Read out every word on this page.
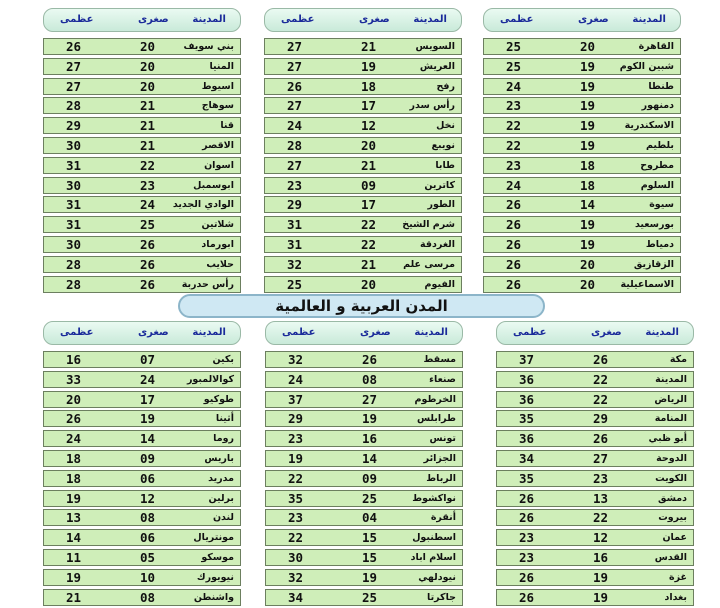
المدينة
صغرى
عظمى
القاهرة
20
25
شبين الكوم
19
25
طنطا
19
24
دمنهور
19
23
الاسكندرية
19
22
بلطيم
19
22
مطروح
18
23
السلوم
18
24
سيوة
14
26
بورسعيد
19
26
دمياط
19
26
الزقازيق
20
26
الاسماعيلية
20
26
المدينة
صغرى
عظمى
السويس
21
27
العريش
19
27
رفح
18
26
رأس سدر
17
27
نخل
12
24
نويبع
20
28
طابا
21
27
كاترين
09
23
الطور
17
29
شرم الشيخ
22
31
الغردقة
22
31
مرسى علم
21
32
الفيوم
20
25
المدينة
صغرى
عظمى
بني سويف
20
26
المنيا
20
27
اسيوط
20
27
سوهاج
21
28
قنا
21
29
الاقصر
21
30
اسوان
22
31
ابوسمبل
23
30
الوادي الجديد
24
31
شلاتين
25
31
ابورماد
26
30
حلايب
26
28
رأس حدربة
26
28
المدينة
صغرى
عظمى
مكة
26
37
المدينة
22
36
الرياض
22
36
المنامة
29
35
أبو ظبي
26
36
الدوحة
27
34
الكويت
23
35
دمشق
13
26
بيروت
22
26
عمان
12
23
القدس
16
23
غزة
19
26
بغداد
19
26
المدينة
صغرى
عظمى
مسقط
26
32
صنعاء
08
24
الخرطوم
27
37
طرابلس
19
29
تونس
16
23
الجزائر
14
19
الرباط
09
22
نواكشوط
25
35
أنقرة
04
23
اسطنبول
15
22
اسلام اباد
15
30
نيودلهي
19
32
جاكرتا
25
34
المدينة
صغرى
عظمى
بكين
07
16
كوالالمبور
24
33
طوكيو
17
20
أثينا
19
26
روما
14
24
باريس
09
18
مدريد
06
18
برلين
12
19
لندن
08
13
مونتريال
06
14
موسكو
05
11
نيويورك
10
19
واشنطن
08
21
المدن العربية و العالمية
